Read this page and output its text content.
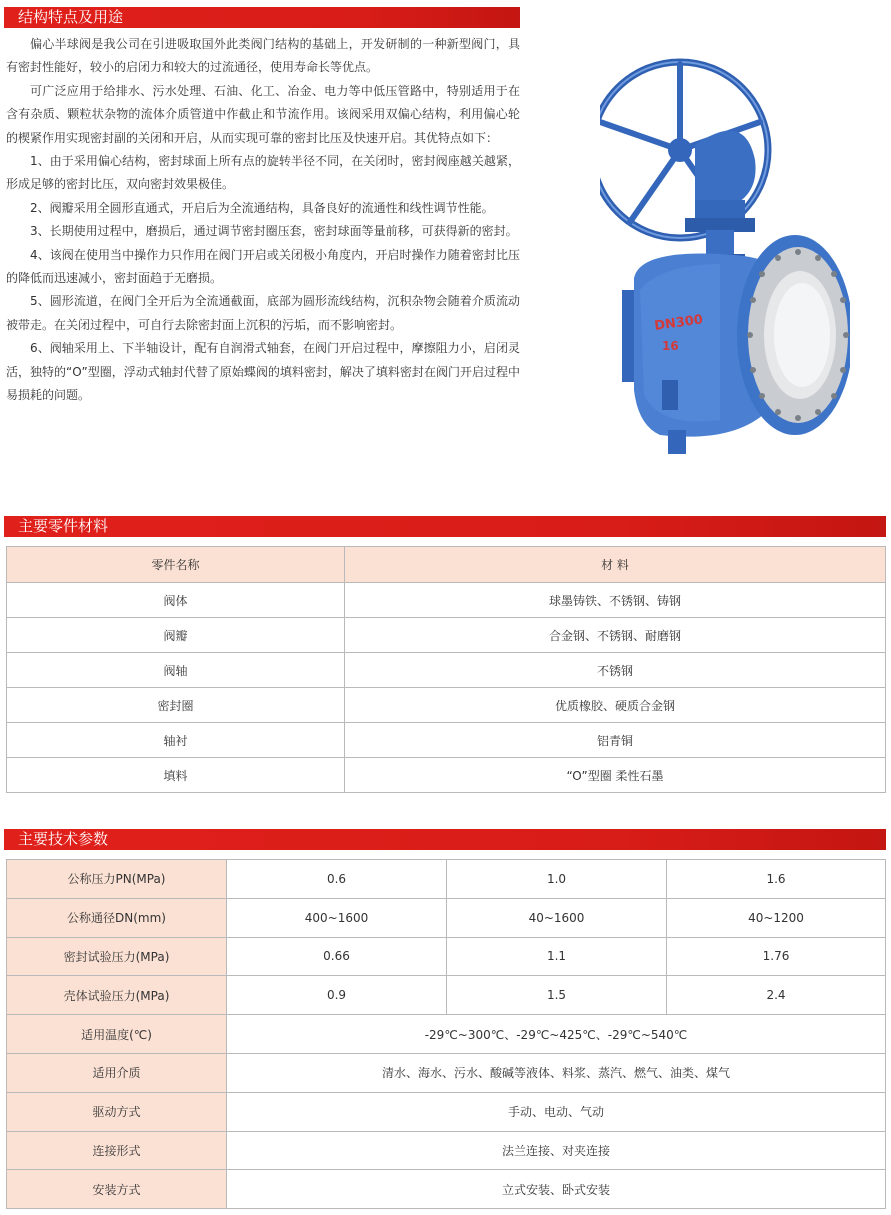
结构特点及用途

偏心半球阀是我公司在引进吸取国外此类阀门结构的基础上，开发研制的一种新型阀门，具有密封性能好，较小的启闭力和较大的过流通径，使用寿命长等优点。

可广泛应用于给排水、污水处理、石油、化工、冶金、电力等中低压管路中，特别适用于在含有杂质、颗粒状杂物的流体介质管道中作截止和节流作用。该阀采用双偏心结构，利用偏心轮的楔紧作用实现密封副的关闭和开启，从而实现可靠的密封比压及快速开启。其优特点如下：

1、由于采用偏心结构，密封球面上所有点的旋转半径不同，在关闭时，密封阀座越关越紧，形成足够的密封比压，双向密封效果极佳。

2、阀瓣采用全圆形直通式，开启后为全流通结构，具备良好的流通性和线性调节性能。

3、长期使用过程中，磨损后，通过调节密封圈压套，密封球面等量前移，可获得新的密封。

4、该阀在使用当中操作力只作用在阀门开启或关闭极小角度内，开启时操作力随着密封比压的降低而迅速减小，密封面趋于无磨损。

5、圆形流道，在阀门全开后为全流通截面，底部为圆形流线结构，沉积杂物会随着介质流动被带走。在关闭过程中，可自行去除密封面上沉积的污垢，而不影响密封。

6、阀轴采用上、下半轴设计，配有自润滑式轴套，在阀门开启过程中，摩擦阻力小，启闭灵活，独特的“O”型圈，浮动式轴封代替了原始蝶阀的填料密封，解决了填料密封在阀门开启过程中易损耗的问题。

DN300
16
主要零件材料
零件名称	材 料
阀体	球墨铸铁、不锈钢、铸钢
阀瓣	合金钢、不锈钢、耐磨钢
阀轴	不锈钢
密封圈	优质橡胶、硬质合金钢
轴衬	铝青铜
填料	“O”型圈 柔性石墨
主要技术参数
公称压力PN(MPa)	0.6	1.0	1.6
公称通径DN(mm)	400~1600	40~1600	40~1200
密封试验压力(MPa)	0.66	1.1	1.76
壳体试验压力(MPa)	0.9	1.5	2.4
适用温度(℃)	-29℃~300℃、-29℃~425℃、-29℃~540℃		
适用介质	清水、海水、污水、酸碱等液体、料浆、蒸汽、燃气、油类、煤气		
驱动方式	手动、电动、气动		
连接形式	法兰连接、对夹连接		
安装方式	立式安装、卧式安装		
